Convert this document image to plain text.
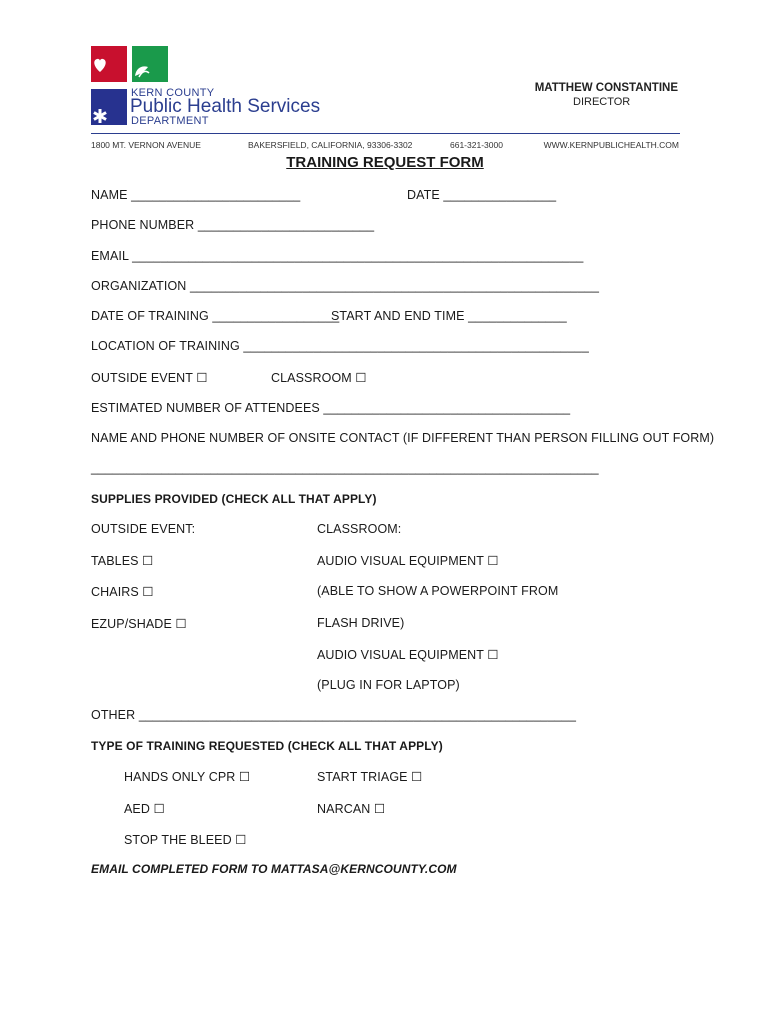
KERN COUNTY
Public Health Services
DEPARTMENT
MATTHEW CONSTANTINE
DIRECTOR
1800 MT. VERNON AVENUE	BAKERSFIELD, CALIFORNIA, 93306-3302	661-321-3000	WWW.KERNPUBLICHEALTH.COM
TRAINING REQUEST FORM
NAME ________________________	DATE ________________
PHONE NUMBER _________________________
EMAIL ________________________________________________________________
ORGANIZATION __________________________________________________________
DATE OF TRAINING __________________
START AND END TIME ______________
LOCATION OF TRAINING _________________________________________________
OUTSIDE EVENT ☐	CLASSROOM ☐
ESTIMATED NUMBER OF ATTENDEES ___________________________________
NAME AND PHONE NUMBER OF ONSITE CONTACT (IF DIFFERENT THAN PERSON FILLING OUT FORM)
________________________________________________________________________
SUPPLIES PROVIDED (CHECK ALL THAT APPLY)
OUTSIDE EVENT:	CLASSROOM:
TABLES ☐	AUDIO VISUAL EQUIPMENT ☐
CHAIRS ☐	(ABLE TO SHOW A POWERPOINT FROM
EZUP/SHADE ☐	FLASH DRIVE)
AUDIO VISUAL EQUIPMENT ☐
(PLUG IN FOR LAPTOP)
OTHER ______________________________________________________________
TYPE OF TRAINING REQUESTED (CHECK ALL THAT APPLY)
HANDS ONLY CPR ☐	START TRIAGE ☐
AED ☐	NARCAN ☐
STOP THE BLEED ☐
EMAIL COMPLETED FORM TO MATTASA@KERNCOUNTY.COM
